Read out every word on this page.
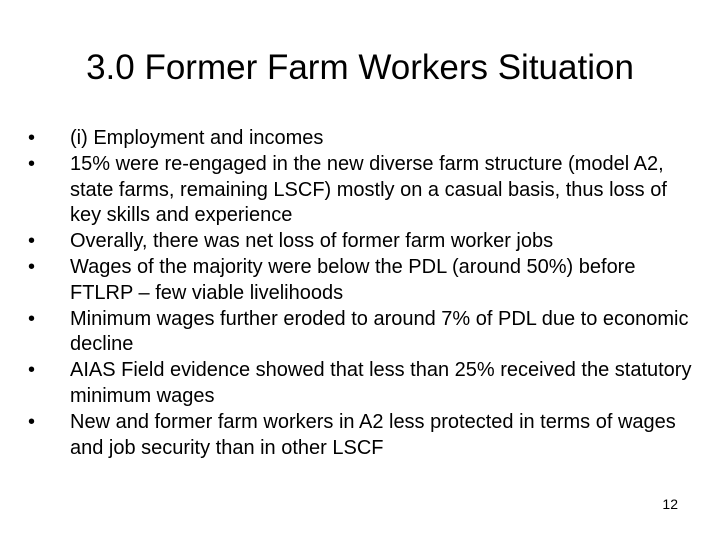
3.0 Former Farm Workers Situation
•	(i) Employment and incomes
•	15% were re-engaged in the new diverse farm structure (model A2, state farms, remaining LSCF) mostly on a casual basis, thus loss of key skills and experience
•	Overally, there was net loss of former farm worker jobs
•	Wages of the majority were below the PDL (around 50%) before FTLRP – few viable livelihoods
•	Minimum wages further eroded to around 7% of PDL due to economic decline
•	AIAS Field evidence showed that less than 25% received the statutory minimum wages
•	New and former farm workers in A2 less protected in terms of wages and job security than in other LSCF
12
